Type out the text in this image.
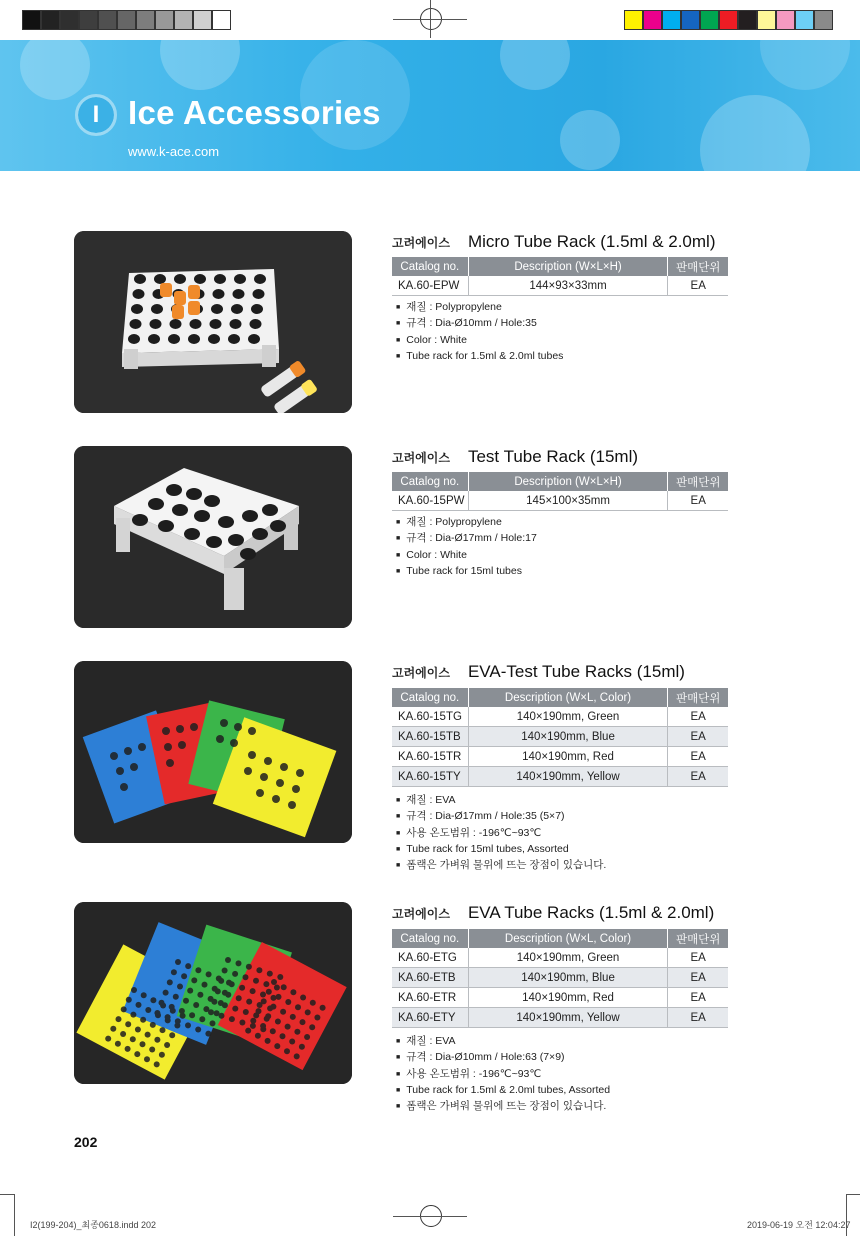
I Ice Accessories
www.k-ace.com
고려에이스 Micro Tube Rack (1.5ml & 2.0ml)
Catalog no.	Description (W×L×H)	판매단위
KA.60-EPW	144×93×33mm	EA
■ 재질 : Polypropylene
■ 규격 : Dia-Ø10mm / Hole:35
■ Color : White
■ Tube rack for 1.5ml & 2.0ml tubes
고려에이스 Test Tube Rack (15ml)
Catalog no.	Description (W×L×H)	판매단위
KA.60-15PW	145×100×35mm	EA
■ 재질 : Polypropylene
■ 규격 : Dia-Ø17mm / Hole:17
■ Color : White
■ Tube rack for 15ml tubes
고려에이스 EVA-Test Tube Racks (15ml)
Catalog no.	Description (W×L, Color)	판매단위
KA.60-15TG	140×190mm, Green	EA
KA.60-15TB	140×190mm, Blue	EA
KA.60-15TR	140×190mm, Red	EA
KA.60-15TY	140×190mm, Yellow	EA
■ 재질 : EVA
■ 규격 : Dia-Ø17mm / Hole:35 (5×7)
■ 사용 온도범위 : -196℃~93℃
■ Tube rack for 15ml tubes, Assorted
■ 폼랙은 가벼워 물위에 뜨는 장점이 있습니다.
고려에이스 EVA Tube Racks (1.5ml & 2.0ml)
Catalog no.	Description (W×L, Color)	판매단위
KA.60-ETG	140×190mm, Green	EA
KA.60-ETB	140×190mm, Blue	EA
KA.60-ETR	140×190mm, Red	EA
KA.60-ETY	140×190mm, Yellow	EA
■ 재질 : EVA
■ 규격 : Dia-Ø10mm / Hole:63 (7×9)
■ 사용 온도범위 : -196℃~93℃
■ Tube rack for 1.5ml & 2.0ml tubes, Assorted
■ 폼랙은 가벼워 물위에 뜨는 장점이 있습니다.
202
I2(199-204)_최종0618.indd 202	2019-06-19 오전 12:04:27
